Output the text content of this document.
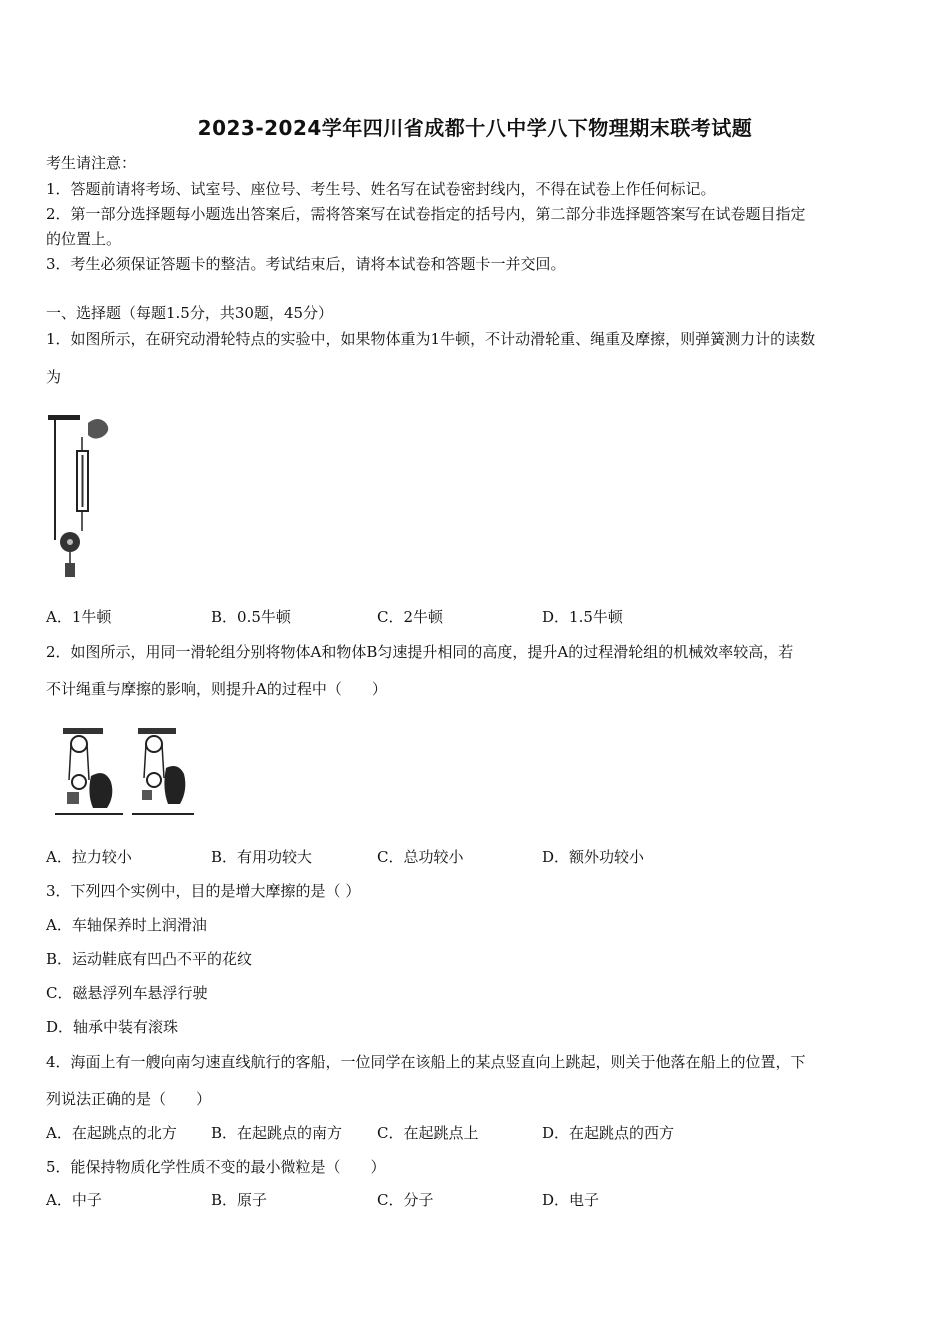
2023-2024学年四川省成都十八中学八下物理期末联考试题
考生请注意：
1．答题前请将考场、试室号、座位号、考生号、姓名写在试卷密封线内，不得在试卷上作任何标记。
2．第一部分选择题每小题选出答案后，需将答案写在试卷指定的括号内，第二部分非选择题答案写在试卷题目指定
的位置上。
3．考生必须保证答题卡的整洁。考试结束后，请将本试卷和答题卡一并交回。
一、选择题（每题1.5分，共30题，45分）
1．如图所示，在研究动滑轮特点的实验中，如果物体重为1牛顿，不计动滑轮重、绳重及摩擦，则弹簧测力计的读数
为
A．1牛顿	B．0.5牛顿	C．2牛顿	D．1.5牛顿
2．如图所示，用同一滑轮组分别将物体A和物体B匀速提升相同的高度，提升A的过程滑轮组的机械效率较高，若
不计绳重与摩擦的影响，则提升A的过程中（　　）
A．拉力较小	B．有用功较大	C．总功较小	D．额外功较小
3．下列四个实例中，目的是增大摩擦的是（ ）
A．车轴保养时上润滑油
B．运动鞋底有凹凸不平的花纹
C．磁悬浮列车悬浮行驶
D．轴承中装有滚珠
4．海面上有一艘向南匀速直线航行的客船，一位同学在该船上的某点竖直向上跳起，则关于他落在船上的位置，下
列说法正确的是（　　）
A．在起跳点的北方 B．在起跳点的南方 C．在起跳点上	D．在起跳点的西方
5．能保持物质化学性质不变的最小微粒是（　　）
A．中子	B．原子	C．分子	D．电子
